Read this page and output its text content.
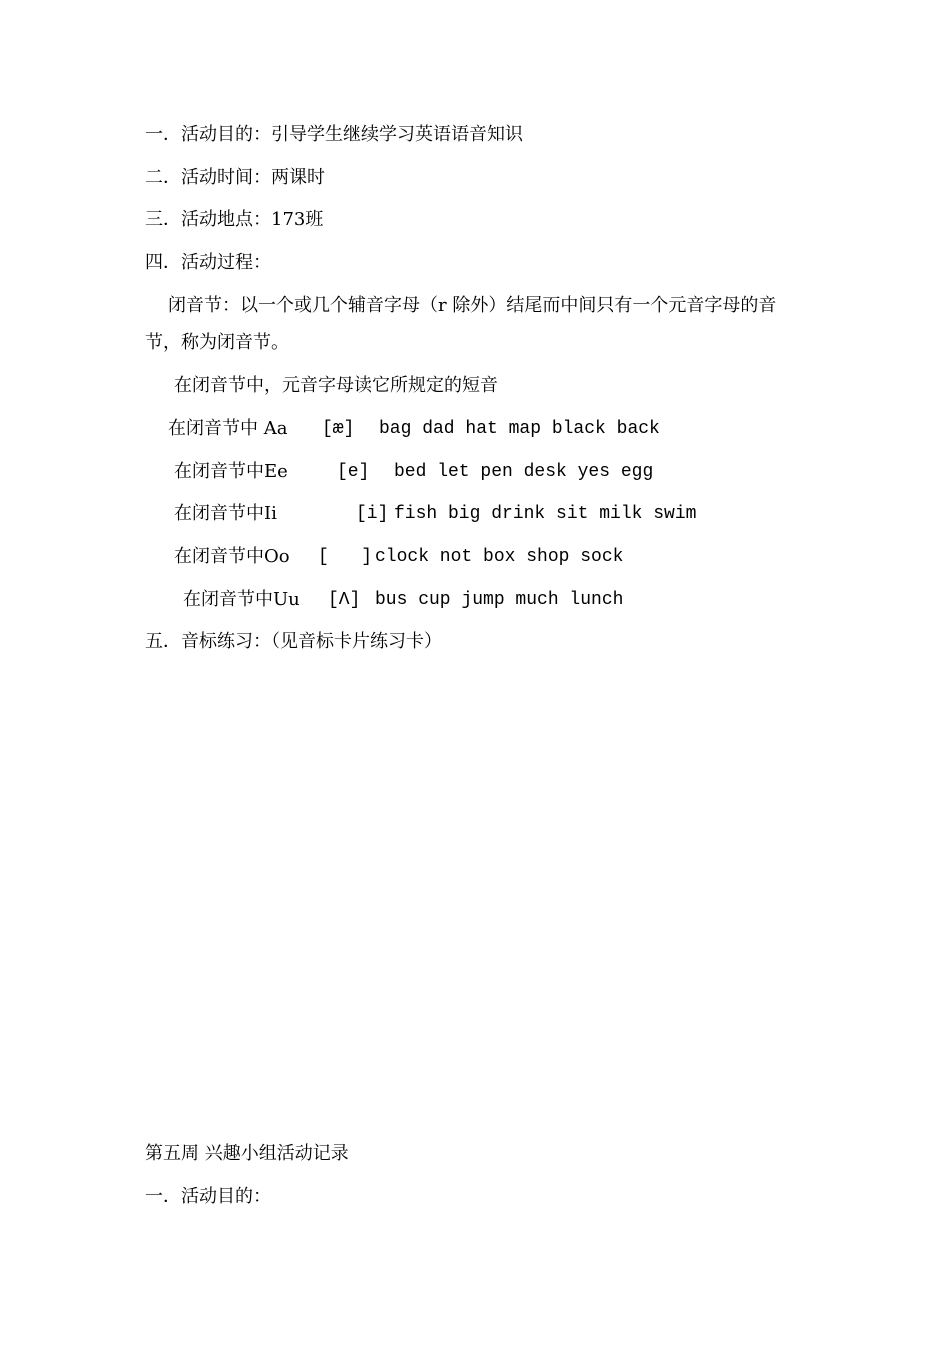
一．活动目的：引导学生继续学习英语语音知识
二．活动时间：两课时
三．活动地点：173班
四．活动过程：
闭音节：以一个或几个辅音字母（r 除外）结尾而中间只有一个元音字母的音
节，称为闭音节。
在闭音节中，元音字母读它所规定的短音
在闭音节中 Aa [æ] bag dad hat map black back
在闭音节中Ee	[e] bed let pen desk yes egg
在闭音节中Ii	[i] fish big drink sit milk swim
在闭音节中Oo [   ] clock not box shop sock
在闭音节中Uu [Λ] bus cup jump much lunch
五．音标练习：（见音标卡片练习卡）
第五周 兴趣小组活动记录
一．活动目的：
